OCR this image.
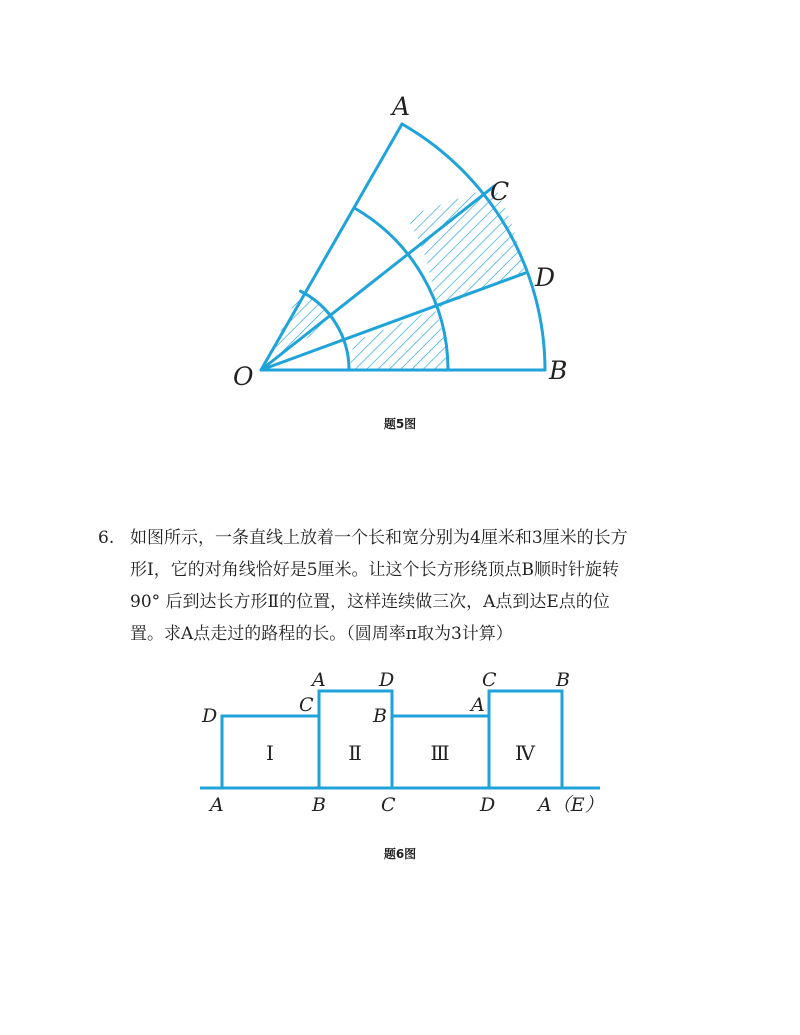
A
C
D
B
O
题5图
6. 如图所示，一条直线上放着一个长和宽分别为4厘米和3厘米的长方
形Ⅰ，它的对角线恰好是5厘米。让这个长方形绕顶点B顺时针旋转
90° 后到达长方形Ⅱ的位置，这样连续做三次，A点到达E点的位
置。求A点走过的路程的长。（圆周率π取为3计算）
Ⅰ	Ⅱ	Ⅲ	Ⅳ
D	C
A	D
B	A
C	B
A	B	C	D A（E）
题6图
